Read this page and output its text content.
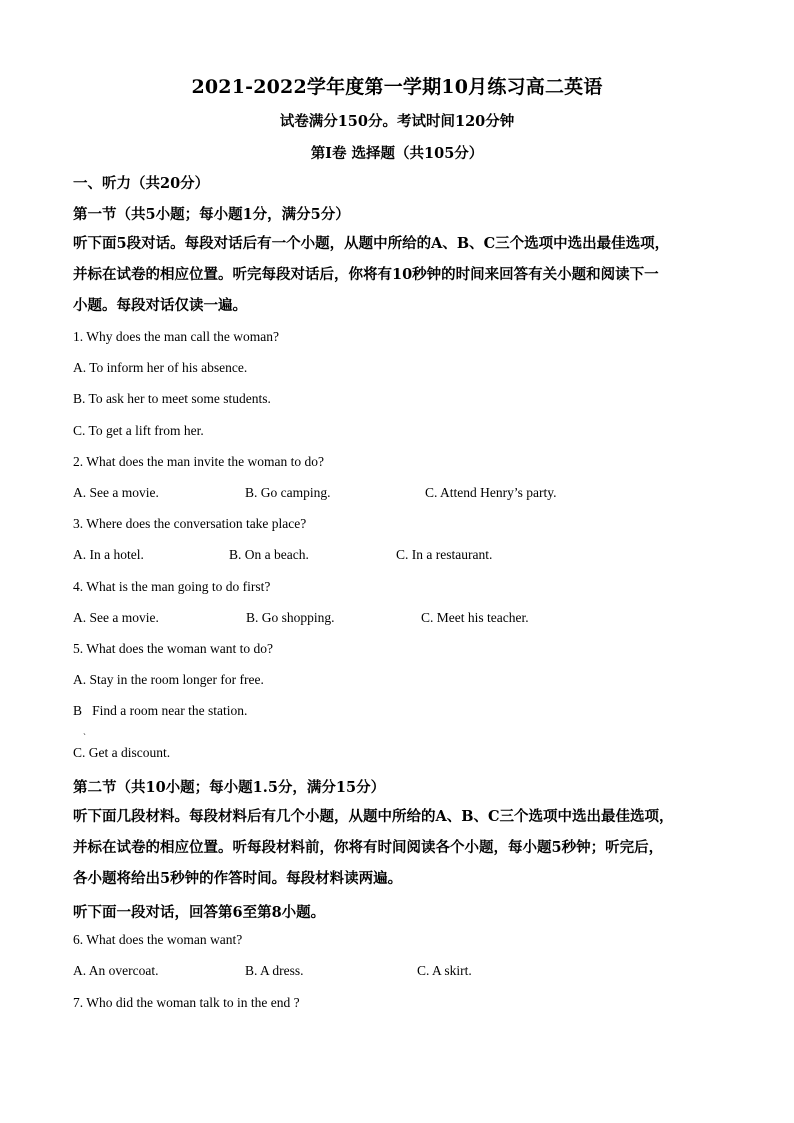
2021-2022学年度第一学期10月练习高二英语
试卷满分150分。考试时间120分钟
第I卷 选择题（共105分）
一、听力（共20分）
第一节（共5小题；每小题1分，满分5分）
听下面5段对话。每段对话后有一个小题，从题中所给的A、B、C三个选项中选出最佳选项，
并标在试卷的相应位置。听完每段对话后，你将有10秒钟的时间来回答有关小题和阅读下一
小题。每段对话仅读一遍。
1. Why does the man call the woman?
A. To inform her of his absence.
B. To ask her to meet some students.
C. To get a lift from her.
2. What does the man invite the woman to do?
A. See a movie.	B. Go camping.	C. Attend Henry’s party.
3. Where does the conversation take place?
A. In a hotel.	B. On a beach.	C. In a restaurant.
4. What is the man going to do first?
A. See a movie.	B. Go shopping.	C. Meet his teacher.
5. What does the woman want to do?
A. Stay in the room longer for free.
B   Find a room near the station.
ˎ
C. Get a discount.
第二节（共10小题；每小题1.5分，满分15分）
听下面几段材料。每段材料后有几个小题，从题中所给的A、B、C三个选项中选出最佳选项，
并标在试卷的相应位置。听每段材料前，你将有时间阅读各个小题，每小题5秒钟；听完后，
各小题将给出5秒钟的作答时间。每段材料读两遍。
听下面一段对话，回答第6至第8小题。
6. What does the woman want?
A. An overcoat.	B. A dress.	C. A skirt.
7. Who did the woman talk to in the end ?
